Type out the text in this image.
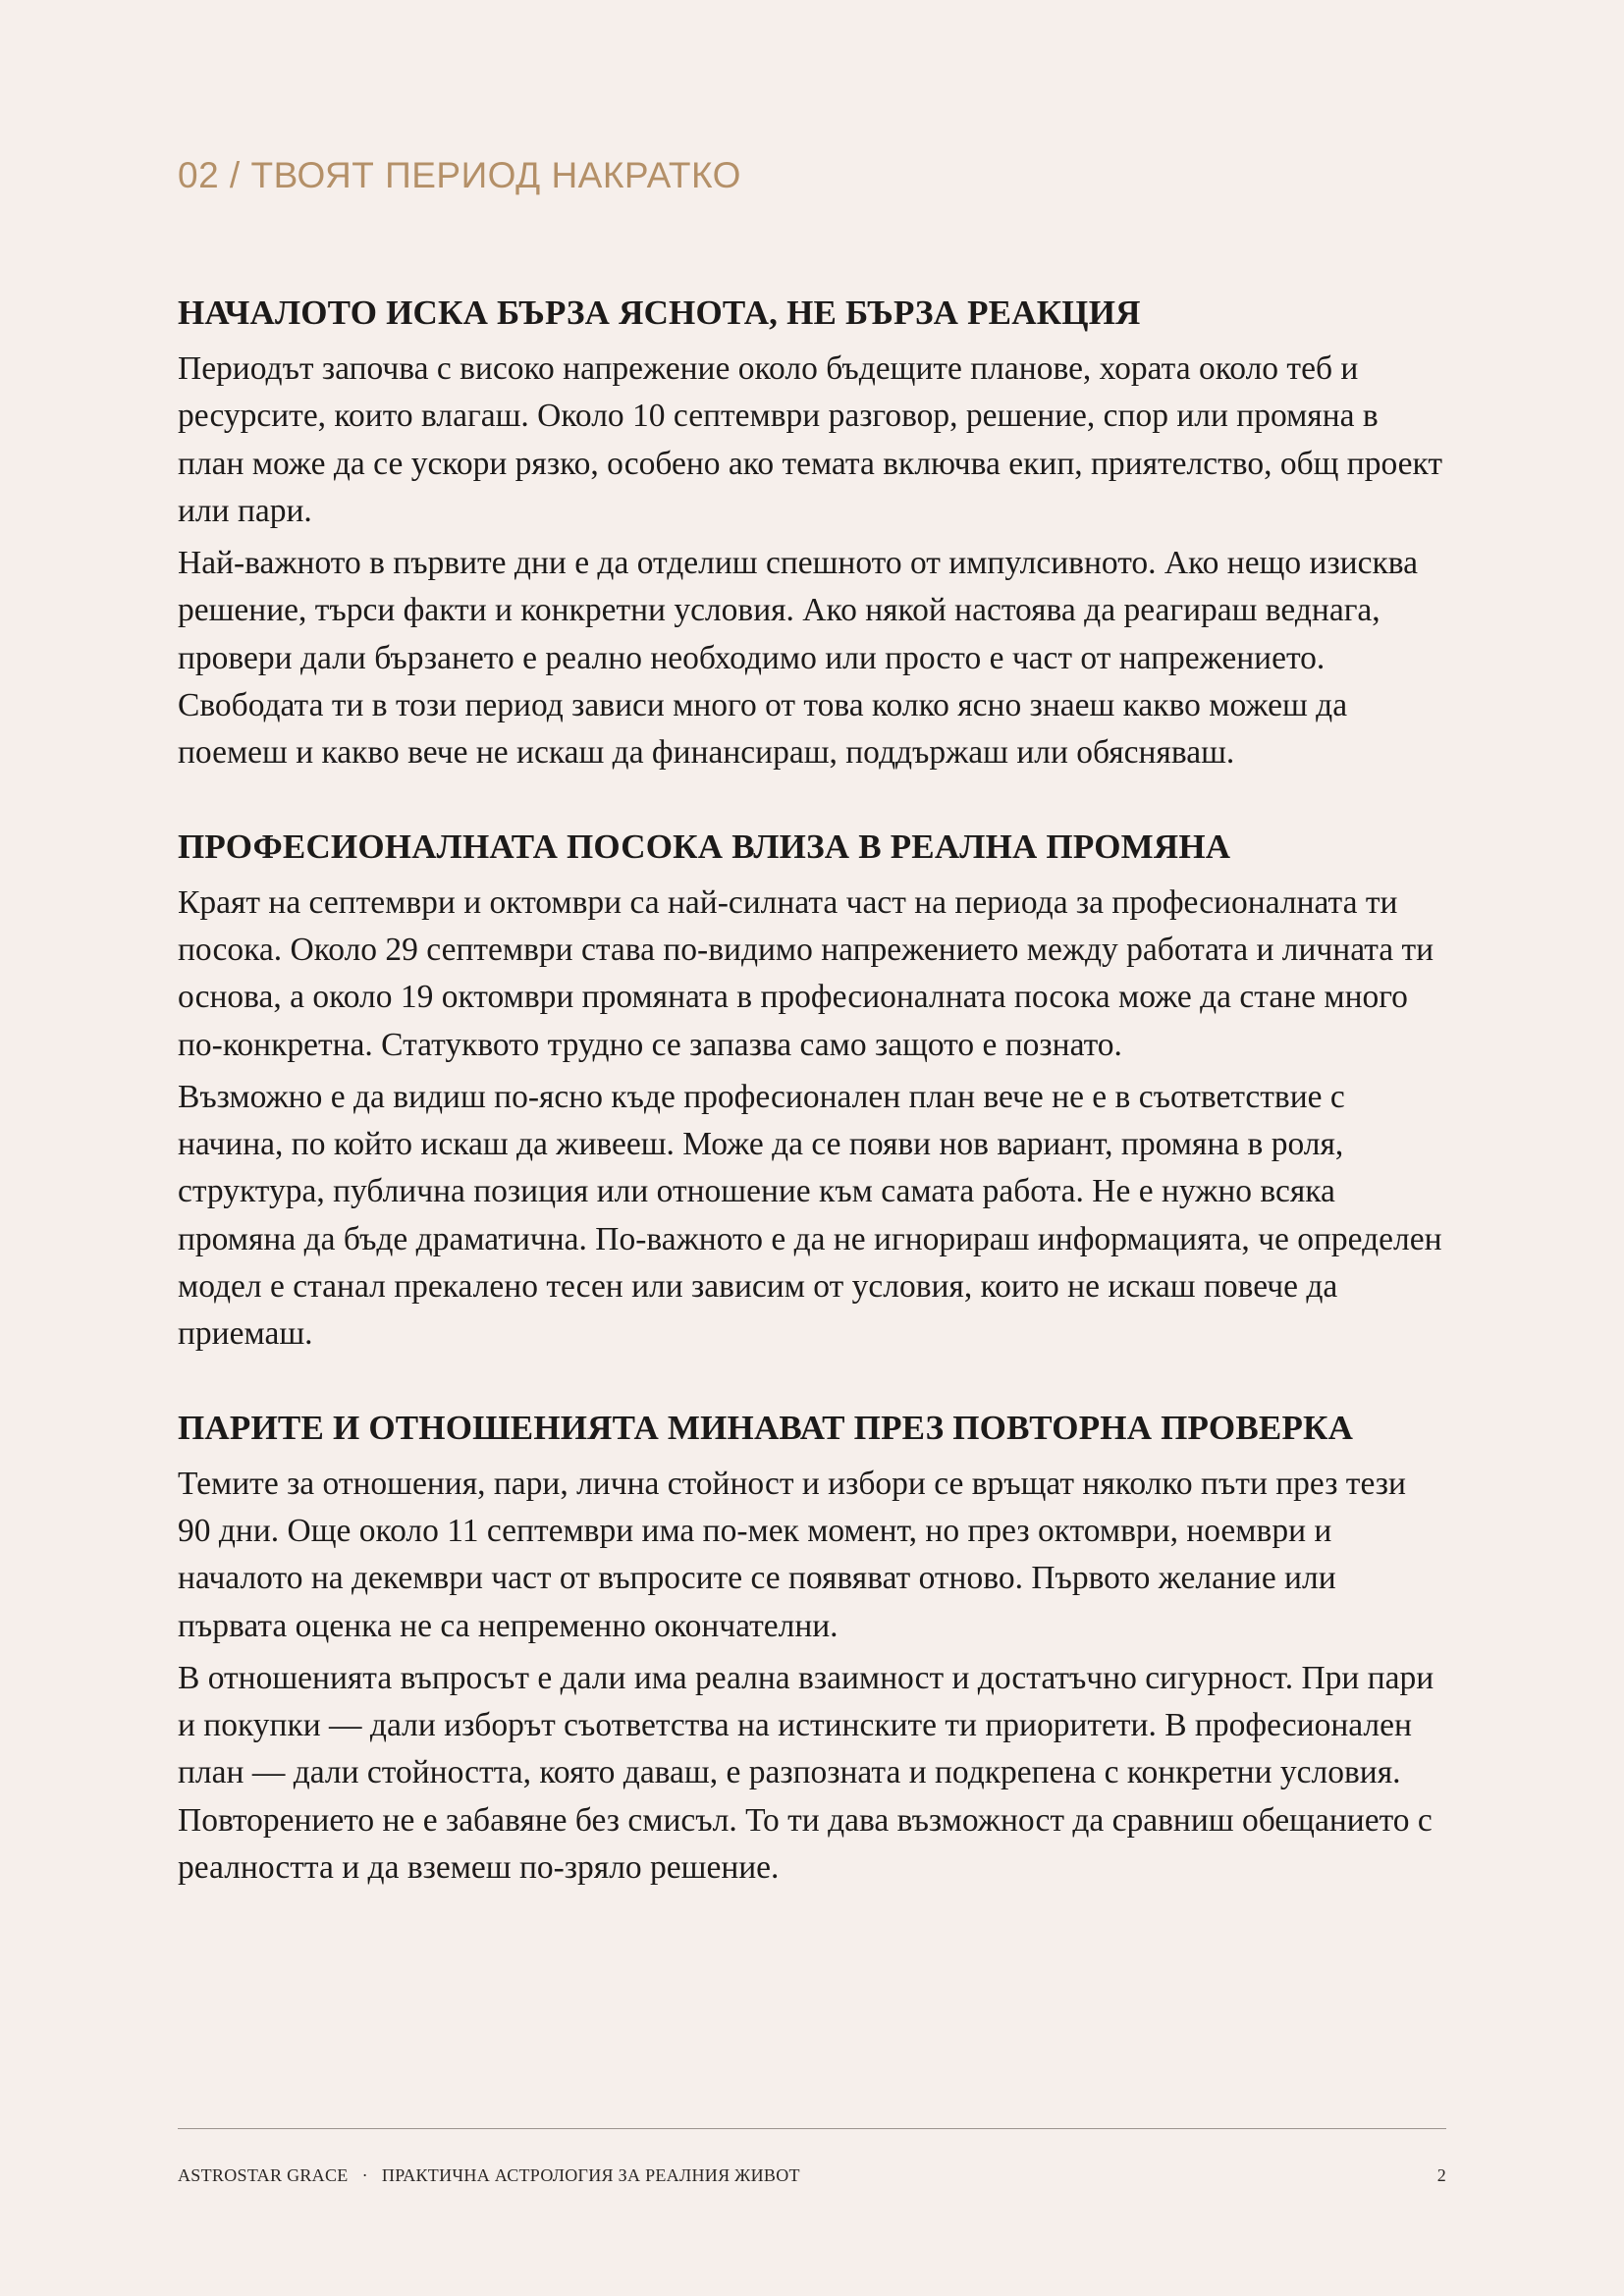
02 / ТВОЯТ ПЕРИОД НАКРАТКО
НАЧАЛОТО ИСКА БЪРЗА ЯСНОТА, НЕ БЪРЗА РЕАКЦИЯ

Периодът започва с високо напрежение около бъдещите планове, хората около теб и ресурсите, които влагаш. Около 10 септември разговор, решение, спор или промяна в план може да се ускори рязко, особено ако темата включва екип, приятелство, общ проект или пари.

Най-важното в първите дни е да отделиш спешното от импулсивното. Ако нещо изисква решение, търси факти и конкретни условия. Ако някой настоява да реагираш веднага, провери дали бързането е реално необходимо или просто е част от напрежението. Свободата ти в този период зависи много от това колко ясно знаеш какво можеш да поемеш и какво вече не искаш да финансираш, поддържаш или обясняваш.

ПРОФЕСИОНАЛНАТА ПОСОКА ВЛИЗА В РЕАЛНА ПРОМЯНА

Краят на септември и октомври са най-силната част на периода за професионалната ти посока. Около 29 септември става по-видимо напрежението между работата и личната ти основа, а около 19 октомври промяната в професионалната посока може да стане много по-конкретна. Статуквото трудно се запазва само защото е познато.

Възможно е да видиш по-ясно къде професионален план вече не е в съответствие с начина, по който искаш да живееш. Може да се появи нов вариант, промяна в роля, структура, публична позиция или отношение към самата работа. Не е нужно всяка промяна да бъде драматична. По-важното е да не игнорираш информацията, че определен модел е станал прекалено тесен или зависим от условия, които не искаш повече да приемаш.

ПАРИТЕ И ОТНОШЕНИЯТА МИНАВАТ ПРЕЗ ПОВТОРНА ПРОВЕРКА

Темите за отношения, пари, лична стойност и избори се връщат няколко пъти през тези 90 дни. Още около 11 септември има по-мек момент, но през октомври, ноември и началото на декември част от въпросите се появяват отново. Първото желание или първата оценка не са непременно окончателни.

В отношенията въпросът е дали има реална взаимност и достатъчно сигурност. При пари и покупки — дали изборът съответства на истинските ти приоритети. В професионален план — дали стойността, която даваш, е разпозната и подкрепена с конкретни условия. Повторението не е забавяне без смисъл. То ти дава възможност да сравниш обещанието с реалността и да вземеш по-зряло решение.

ASTROSTAR GRACE · ПРАКТИЧНА АСТРОЛОГИЯ ЗА РЕАЛНИЯ ЖИВОТ	2
